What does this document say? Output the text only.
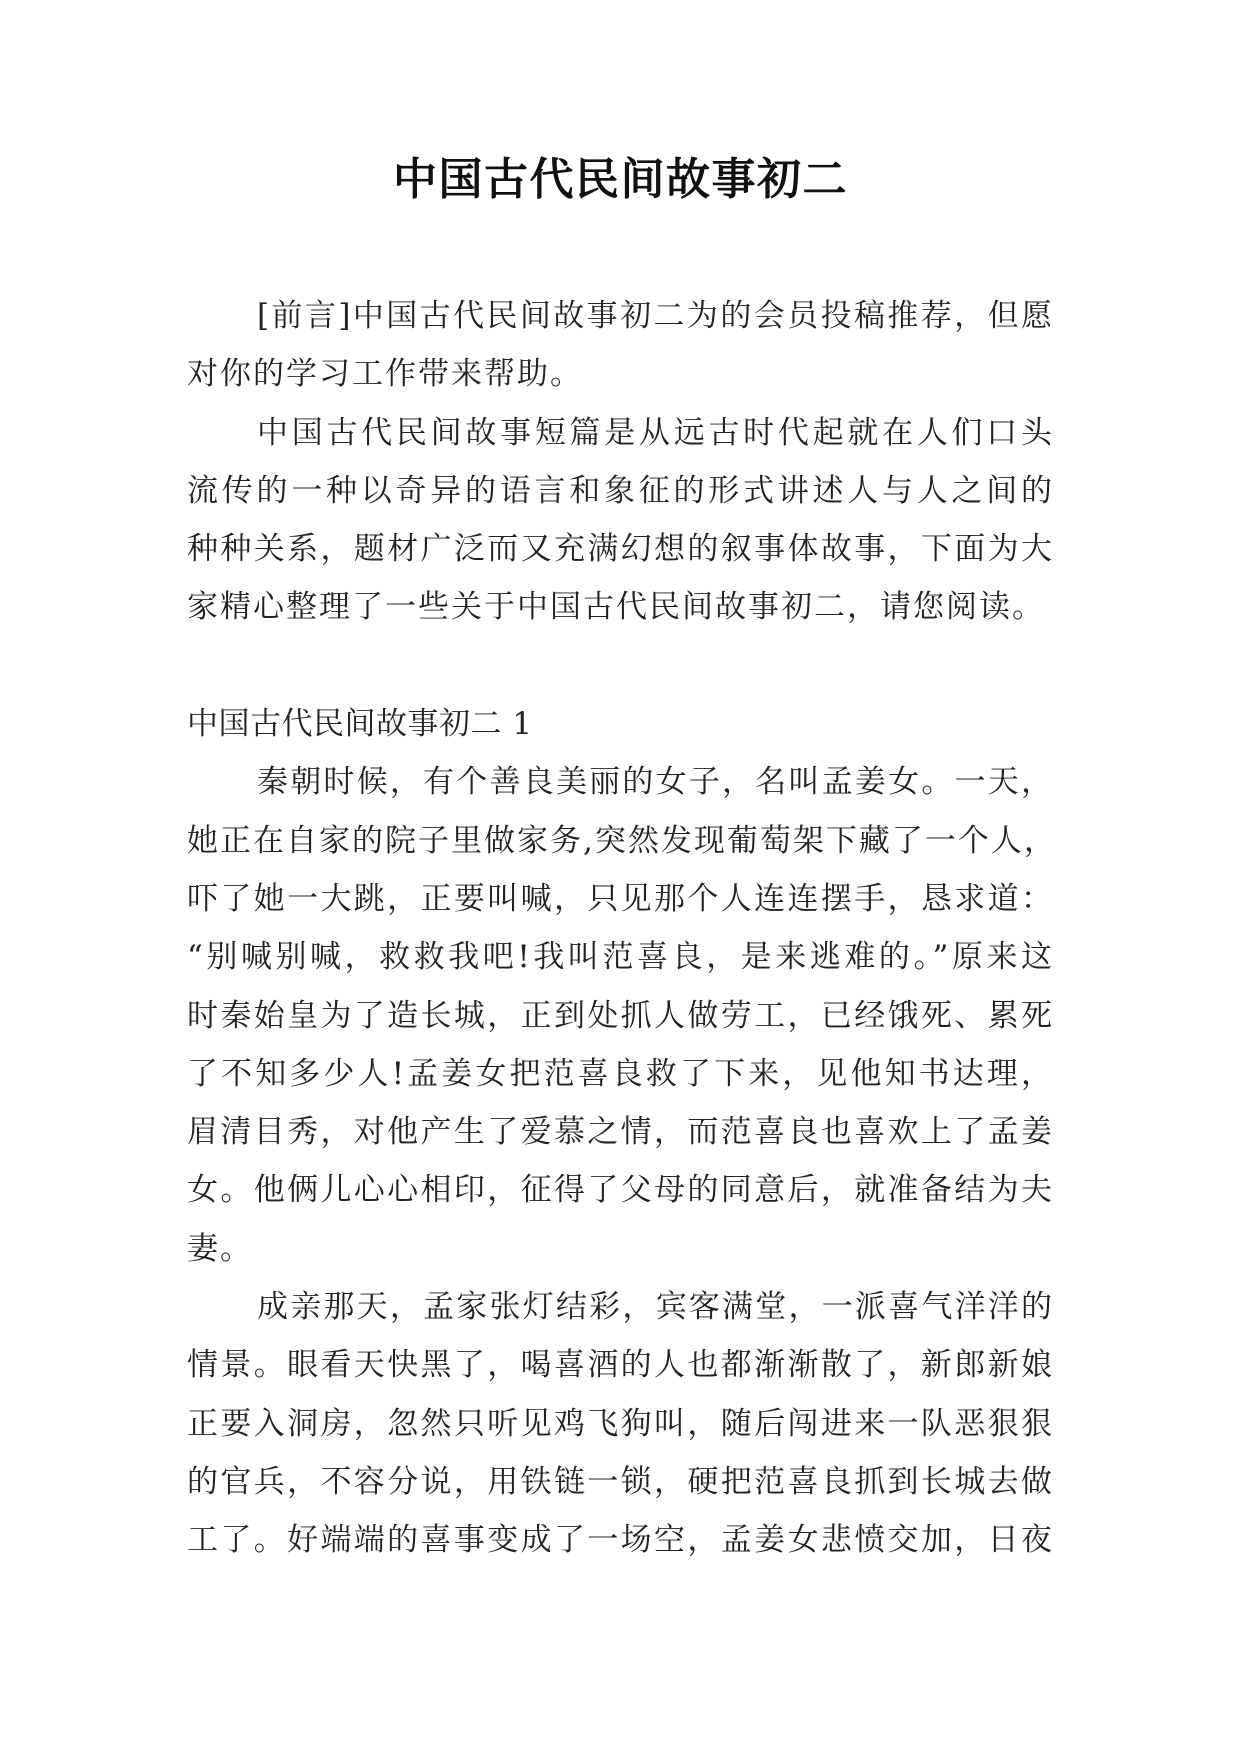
中国古代民间故事初二
[前言]中国古代民间故事初二为的会员投稿推荐，但愿
对你的学习工作带来帮助。
中国古代民间故事短篇是从远古时代起就在人们口头
流传的一种以奇异的语言和象征的形式讲述人与人之间的
种种关系，题材广泛而又充满幻想的叙事体故事，下面为大
家精心整理了一些关于中国古代民间故事初二，请您阅读。
中国古代民间故事初二 1
秦朝时候，有个善良美丽的女子，名叫孟姜女。一天，
她正在自家的院子里做家务,突然发现葡萄架下藏了一个人，
吓了她一大跳，正要叫喊，只见那个人连连摆手，恳求道：
“别喊别喊，救救我吧!我叫范喜良，是来逃难的。”原来这
时秦始皇为了造长城，正到处抓人做劳工，已经饿死、累死
了不知多少人!孟姜女把范喜良救了下来，见他知书达理，
眉清目秀，对他产生了爱慕之情，而范喜良也喜欢上了孟姜
女。他俩儿心心相印，征得了父母的同意后，就准备结为夫
妻。
成亲那天，孟家张灯结彩，宾客满堂，一派喜气洋洋的
情景。眼看天快黑了，喝喜酒的人也都渐渐散了，新郎新娘
正要入洞房，忽然只听见鸡飞狗叫，随后闯进来一队恶狠狠
的官兵，不容分说，用铁链一锁，硬把范喜良抓到长城去做
工了。好端端的喜事变成了一场空，孟姜女悲愤交加，日夜
